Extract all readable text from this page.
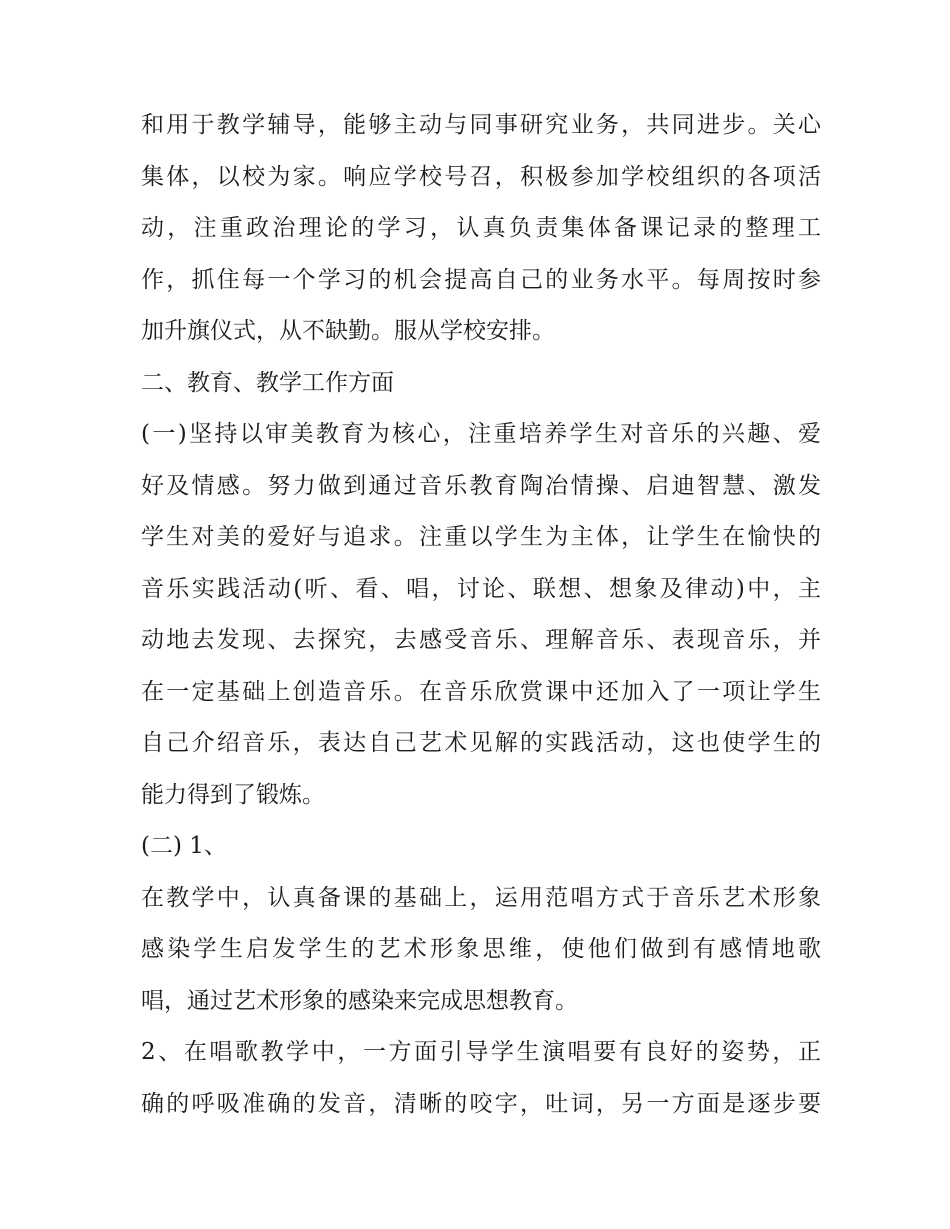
和用于教学辅导，能够主动与同事研究业务，共同进步。关心
集体，以校为家。响应学校号召，积极参加学校组织的各项活
动，注重政治理论的学习，认真负责集体备课记录的整理工
作，抓住每一个学习的机会提高自己的业务水平。每周按时参
加升旗仪式，从不缺勤。服从学校安排。
二、教育、教学工作方面
(一)坚持以审美教育为核心，注重培养学生对音乐的兴趣、爱
好及情感。努力做到通过音乐教育陶冶情操、启迪智慧、激发
学生对美的爱好与追求。注重以学生为主体，让学生在愉快的
音乐实践活动(听、看、唱，讨论、联想、想象及律动)中，主
动地去发现、去探究，去感受音乐、理解音乐、表现音乐，并
在一定基础上创造音乐。在音乐欣赏课中还加入了一项让学生
自己介绍音乐，表达自己艺术见解的实践活动，这也使学生的
能力得到了锻炼。
(二) 1、
在教学中，认真备课的基础上，运用范唱方式于音乐艺术形象
感染学生启发学生的艺术形象思维，使他们做到有感情地歌
唱，通过艺术形象的感染来完成思想教育。
2、在唱歌教学中，一方面引导学生演唱要有良好的姿势，正
确的呼吸准确的发音，清晰的咬字，吐词，另一方面是逐步要
